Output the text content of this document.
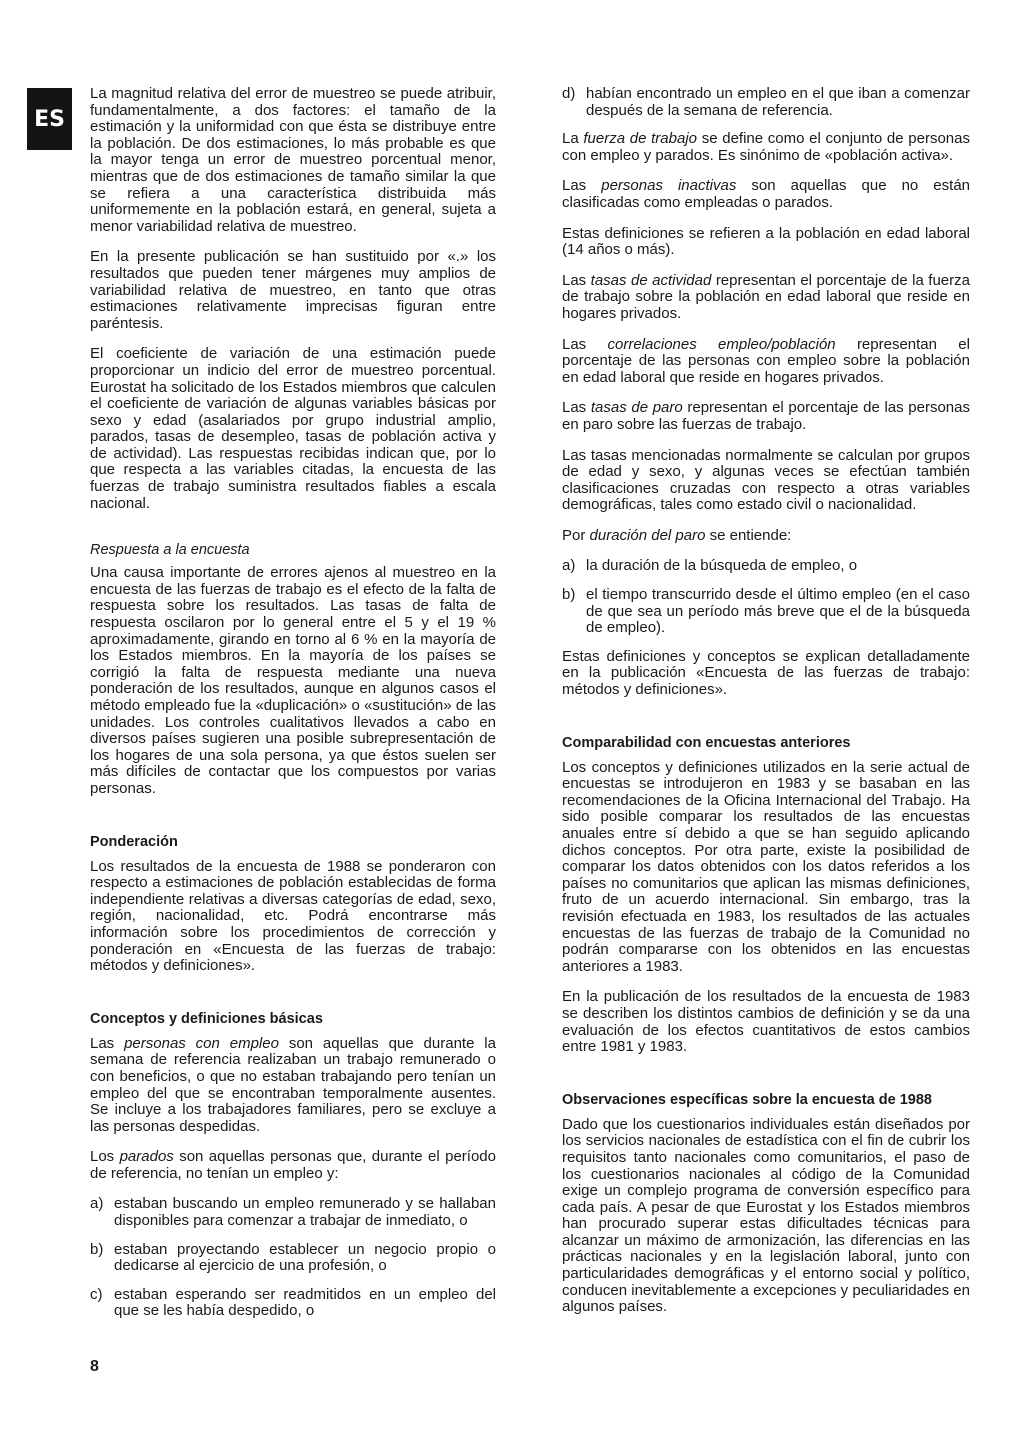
ES

La magnitud relativa del error de muestreo se puede atribuir, fundamentalmente, a dos factores: el tamaño de la estimación y la uniformidad con que ésta se distribuye entre la población. De dos estimaciones, lo más probable es que la mayor tenga un error de muestreo porcentual menor, mientras que de dos estimaciones de tamaño similar la que se refiera a una característica distribuida más uniformemente en la población estará, en general, sujeta a menor variabilidad relativa de muestreo.

En la presente publicación se han sustituido por «.» los resultados que pueden tener márgenes muy amplios de variabilidad relativa de muestreo, en tanto que otras estimaciones relativamente imprecisas figuran entre paréntesis.

El coeficiente de variación de una estimación puede proporcionar un indicio del error de muestreo porcentual. Eurostat ha solicitado de los Estados miembros que calculen el coeficiente de variación de algunas variables básicas por sexo y edad (asalariados por grupo industrial amplio, parados, tasas de desempleo, tasas de población activa y de actividad). Las respuestas recibidas indican que, por lo que respecta a las variables citadas, la encuesta de las fuerzas de trabajo suministra resultados fiables a escala nacional.

Respuesta a la encuesta

Una causa importante de errores ajenos al muestreo en la encuesta de las fuerzas de trabajo es el efecto de la falta de respuesta sobre los resultados. Las tasas de falta de respuesta oscilaron por lo general entre el 5 y el 19 % aproximadamente, girando en torno al 6 % en la mayoría de los Estados miembros. En la mayoría de los países se corrigió la falta de respuesta mediante una nueva ponderación de los resultados, aunque en algunos casos el método empleado fue la «duplicación» o «sustitución» de las unidades. Los controles cualitativos llevados a cabo en diversos países sugieren una posible subrepresentación de los hogares de una sola persona, ya que éstos suelen ser más difíciles de contactar que los compuestos por varias personas.

Ponderación

Los resultados de la encuesta de 1988 se ponderaron con respecto a estimaciones de población establecidas de forma independiente relativas a diversas categorías de edad, sexo, región, nacionalidad, etc. Podrá encontrarse más información sobre los procedimientos de corrección y ponderación en «Encuesta de las fuerzas de trabajo: métodos y definiciones».

Conceptos y definiciones básicas

Las personas con empleo son aquellas que durante la semana de referencia realizaban un trabajo remunerado o con beneficios, o que no estaban trabajando pero tenían un empleo del que se encontraban temporalmente ausentes. Se incluye a los trabajadores familiares, pero se excluye a las personas despedidas.

Los parados son aquellas personas que, durante el período de referencia, no tenían un empleo y:

a) estaban buscando un empleo remunerado y se hallaban disponibles para comenzar a trabajar de inmediato, o
b) estaban proyectando establecer un negocio propio o dedicarse al ejercicio de una profesión, o
c) estaban esperando ser readmitidos en un empleo del que se les había despedido, o
d) habían encontrado un empleo en el que iban a comenzar después de la semana de referencia.

La fuerza de trabajo se define como el conjunto de personas con empleo y parados. Es sinónimo de «población activa».

Las personas inactivas son aquellas que no están clasificadas como empleadas o parados.

Estas definiciones se refieren a la población en edad laboral (14 años o más).

Las tasas de actividad representan el porcentaje de la fuerza de trabajo sobre la población en edad laboral que reside en hogares privados.

Las correlaciones empleo/población representan el porcentaje de las personas con empleo sobre la población en edad laboral que reside en hogares privados.

Las tasas de paro representan el porcentaje de las personas en paro sobre las fuerzas de trabajo.

Las tasas mencionadas normalmente se calculan por grupos de edad y sexo, y algunas veces se efectúan también clasificaciones cruzadas con respecto a otras variables demográficas, tales como estado civil o nacionalidad.

Por duración del paro se entiende:

a) la duración de la búsqueda de empleo, o
b) el tiempo transcurrido desde el último empleo (en el caso de que sea un período más breve que el de la búsqueda de empleo).

Estas definiciones y conceptos se explican detalladamente en la publicación «Encuesta de las fuerzas de trabajo: métodos y definiciones».

Comparabilidad con encuestas anteriores

Los conceptos y definiciones utilizados en la serie actual de encuestas se introdujeron en 1983 y se basaban en las recomendaciones de la Oficina Internacional del Trabajo. Ha sido posible comparar los resultados de las encuestas anuales entre sí debido a que se han seguido aplicando dichos conceptos. Por otra parte, existe la posibilidad de comparar los datos obtenidos con los datos referidos a los países no comunitarios que aplican las mismas definiciones, fruto de un acuerdo internacional. Sin embargo, tras la revisión efectuada en 1983, los resultados de las actuales encuestas de las fuerzas de trabajo de la Comunidad no podrán compararse con los obtenidos en las encuestas anteriores a 1983.

En la publicación de los resultados de la encuesta de 1983 se describen los distintos cambios de definición y se da una evaluación de los efectos cuantitativos de estos cambios entre 1981 y 1983.

Observaciones específicas sobre la encuesta de 1988

Dado que los cuestionarios individuales están diseñados por los servicios nacionales de estadística con el fin de cubrir los requisitos tanto nacionales como comunitarios, el paso de los cuestionarios nacionales al código de la Comunidad exige un complejo programa de conversión específico para cada país. A pesar de que Eurostat y los Estados miembros han procurado superar estas dificultades técnicas para alcanzar un máximo de armonización, las diferencias en las prácticas nacionales y en la legislación laboral, junto con particularidades demográficas y el entorno social y político, conducen inevitablemente a excepciones y peculiaridades en algunos países.

8
